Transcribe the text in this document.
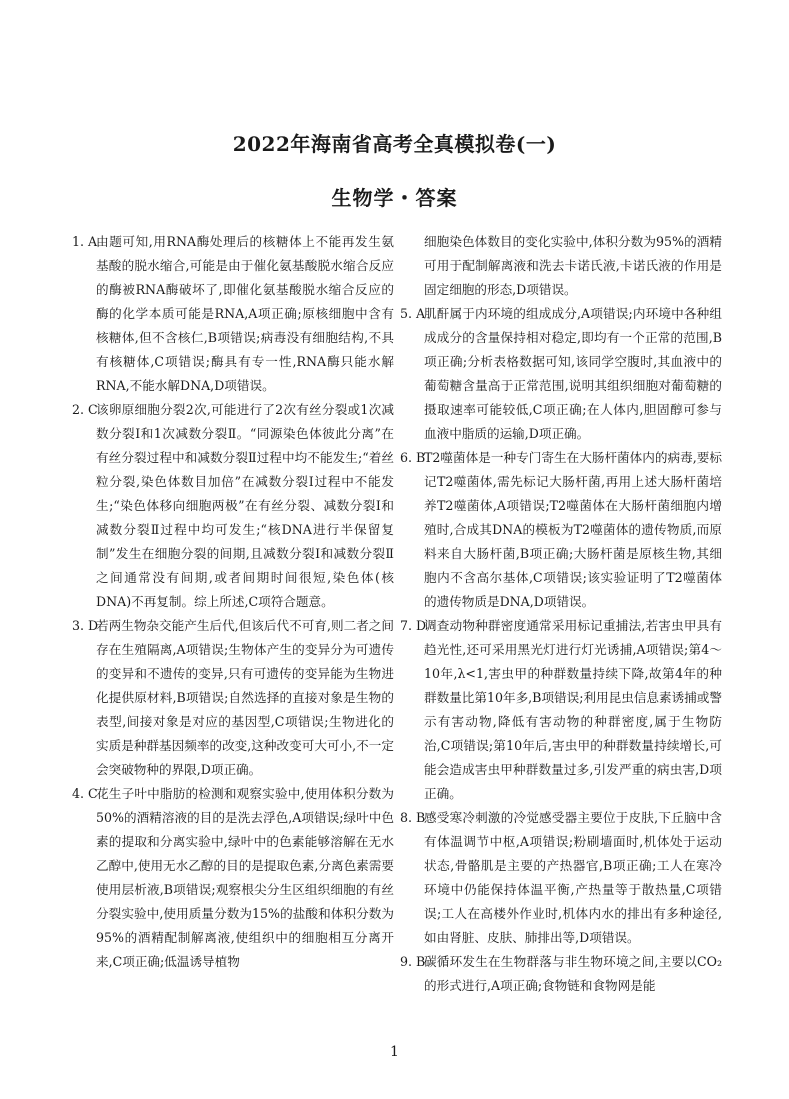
2022年海南省高考全真模拟卷(一)
生物学・答案
1. A
由题可知,用RNA酶处理后的核糖体上不能再发生氨基酸的脱水缩合,可能是由于催化氨基酸脱水缩合反应的酶被RNA酶破坏了,即催化氨基酸脱水缩合反应的酶的化学本质可能是RNA,A项正确;原核细胞中含有核糖体,但不含核仁,B项错误;病毒没有细胞结构,不具有核糖体,C项错误;酶具有专一性,RNA酶只能水解RNA,不能水解DNA,D项错误。
2. C
该卵原细胞分裂2次,可能进行了2次有丝分裂或1次减数分裂Ⅰ和1次减数分裂Ⅱ。“同源染色体彼此分离”在有丝分裂过程中和减数分裂Ⅱ过程中均不能发生;“着丝粒分裂,染色体数目加倍”在减数分裂Ⅰ过程中不能发生;“染色体移向细胞两极”在有丝分裂、减数分裂Ⅰ和减数分裂Ⅱ过程中均可发生;“核DNA进行半保留复制”发生在细胞分裂的间期,且减数分裂Ⅰ和减数分裂Ⅱ之间通常没有间期,或者间期时间很短,染色体(核DNA)不再复制。综上所述,C项符合题意。
3. D
若两生物杂交能产生后代,但该后代不可育,则二者之间存在生殖隔离,A项错误;生物体产生的变异分为可遗传的变异和不遗传的变异,只有可遗传的变异能为生物进化提供原材料,B项错误;自然选择的直接对象是生物的表型,间接对象是对应的基因型,C项错误;生物进化的实质是种群基因频率的改变,这种改变可大可小,不一定会突破物种的界限,D项正确。
4. C
花生子叶中脂肪的检测和观察实验中,使用体积分数为50%的酒精溶液的目的是洗去浮色,A项错误;绿叶中色素的提取和分离实验中,绿叶中的色素能够溶解在无水乙醇中,使用无水乙醇的目的是提取色素,分离色素需要使用层析液,B项错误;观察根尖分生区组织细胞的有丝分裂实验中,使用质量分数为15%的盐酸和体积分数为95%的酒精配制解离液,使组织中的细胞相互分离开来,C项正确;低温诱导植物
细胞染色体数目的变化实验中,体积分数为95%的酒精可用于配制解离液和洗去卡诺氏液,卡诺氏液的作用是固定细胞的形态,D项错误。
5. A
肌酐属于内环境的组成成分,A项错误;内环境中各种组成成分的含量保持相对稳定,即均有一个正常的范围,B项正确;分析表格数据可知,该同学空腹时,其血液中的葡萄糖含量高于正常范围,说明其组织细胞对葡萄糖的摄取速率可能较低,C项正确;在人体内,胆固醇可参与血液中脂质的运输,D项正确。
6. B
T2噬菌体是一种专门寄生在大肠杆菌体内的病毒,要标记T2噬菌体,需先标记大肠杆菌,再用上述大肠杆菌培养T2噬菌体,A项错误;T2噬菌体在大肠杆菌细胞内增殖时,合成其DNA的模板为T2噬菌体的遗传物质,而原料来自大肠杆菌,B项正确;大肠杆菌是原核生物,其细胞内不含高尔基体,C项错误;该实验证明了T2噬菌体的遗传物质是DNA,D项错误。
7. D
调查动物种群密度通常采用标记重捕法,若害虫甲具有趋光性,还可采用黑光灯进行灯光诱捕,A项错误;第4～10年,λ<1,害虫甲的种群数量持续下降,故第4年的种群数量比第10年多,B项错误;利用昆虫信息素诱捕或警示有害动物,降低有害动物的种群密度,属于生物防治,C项错误;第10年后,害虫甲的种群数量持续增长,可能会造成害虫甲种群数量过多,引发严重的病虫害,D项正确。
8. B
感受寒冷刺激的冷觉感受器主要位于皮肤,下丘脑中含有体温调节中枢,A项错误;粉刷墙面时,机体处于运动状态,骨骼肌是主要的产热器官,B项正确;工人在寒冷环境中仍能保持体温平衡,产热量等于散热量,C项错误;工人在高楼外作业时,机体内水的排出有多种途径,如由肾脏、皮肤、肺排出等,D项错误。
9. B
碳循环发生在生物群落与非生物环境之间,主要以CO₂的形式进行,A项正确;食物链和食物网是能
1
